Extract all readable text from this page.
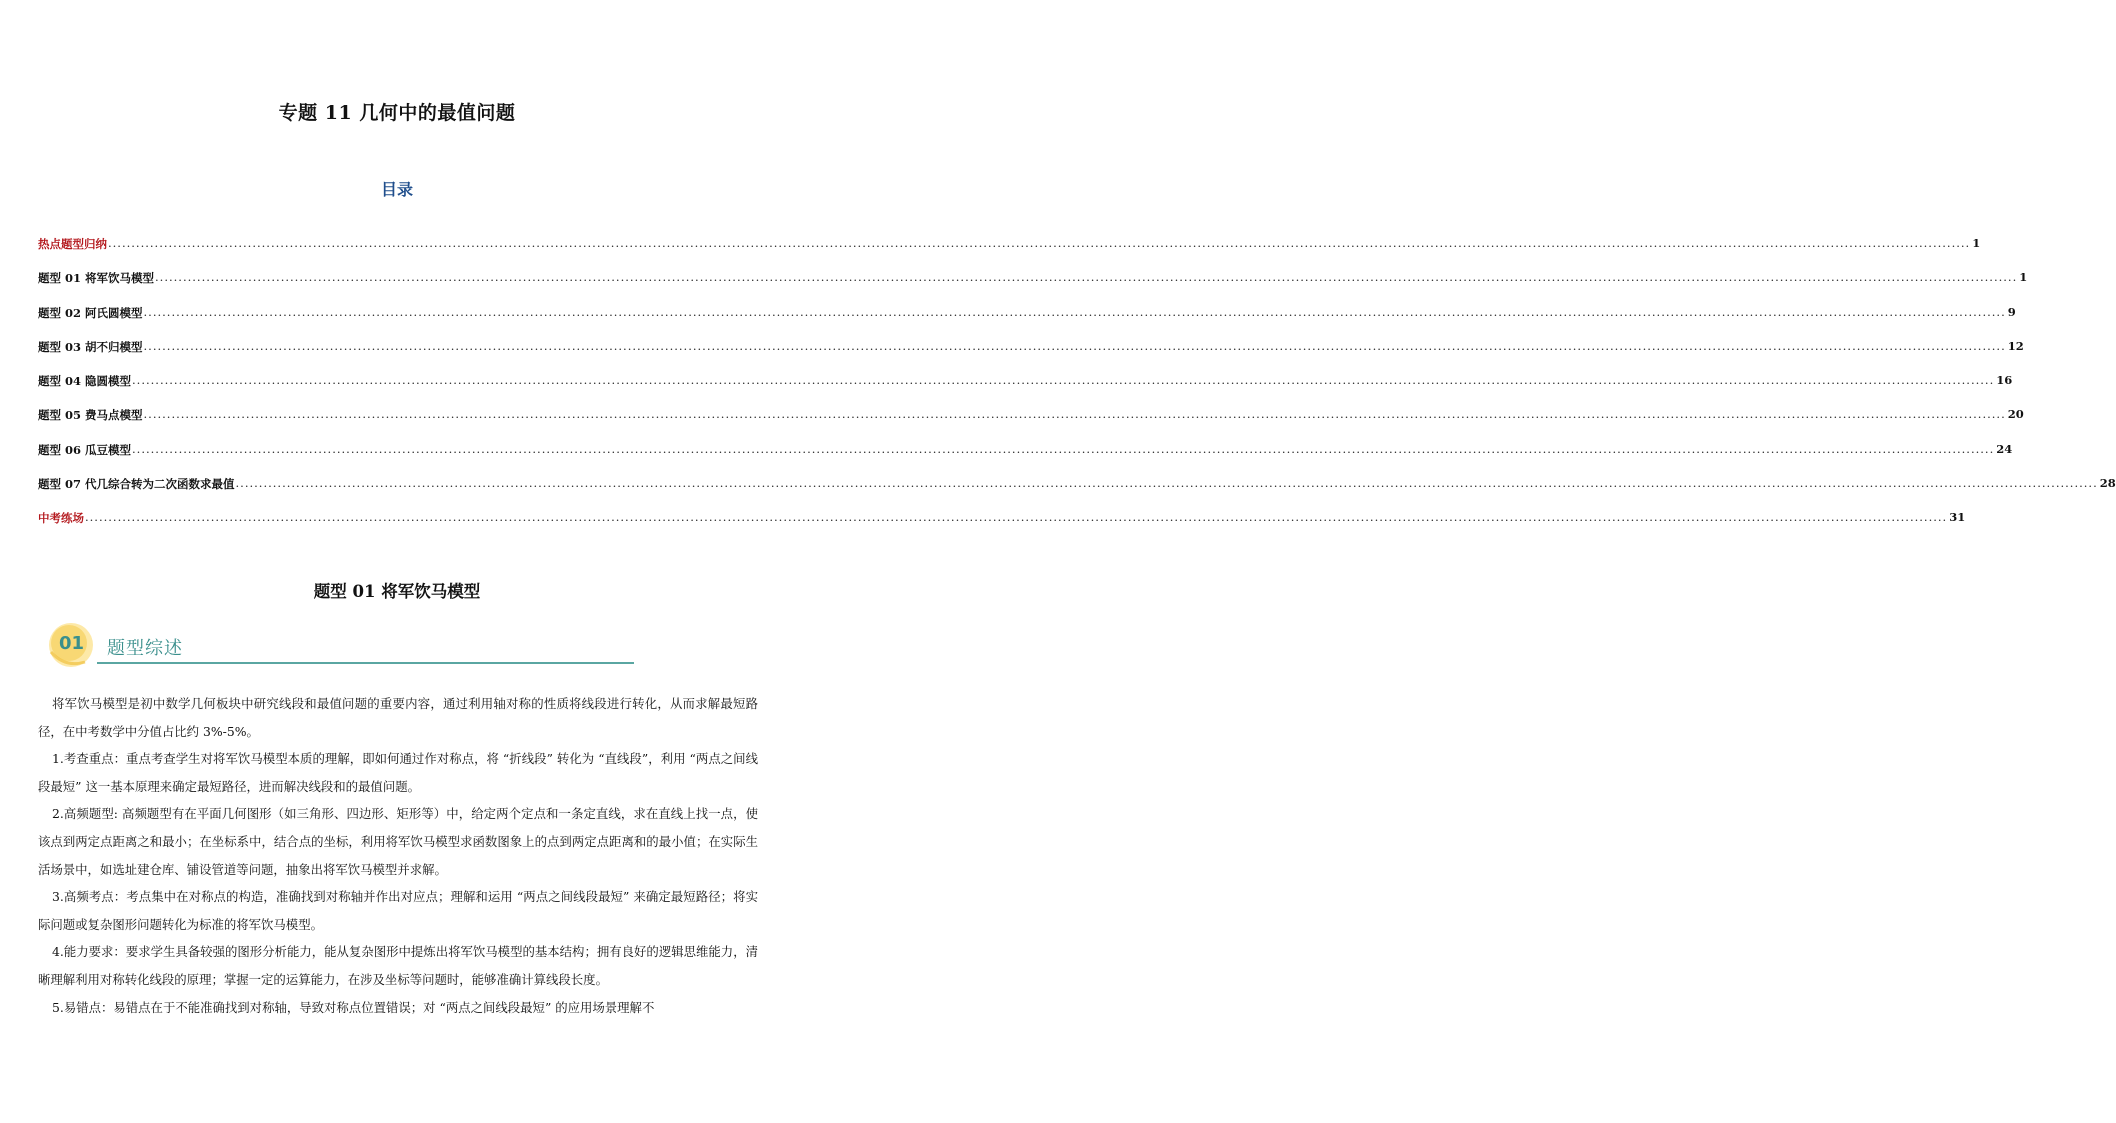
专题 11 几何中的最值问题
目录
热点题型归纳 ................................................................................................................................................................................................................................................................................................................................................................................................................ 1
题型 01 将军饮马模型 ................................................................................................................................................................................................................................................................................................................................................................................................................ 1
题型 02 阿氏圆模型 ................................................................................................................................................................................................................................................................................................................................................................................................................ 9
题型 03 胡不归模型 ................................................................................................................................................................................................................................................................................................................................................................................................................ 12
题型 04 隐圆模型 ................................................................................................................................................................................................................................................................................................................................................................................................................ 16
题型 05 费马点模型 ................................................................................................................................................................................................................................................................................................................................................................................................................ 20
题型 06 瓜豆模型 ................................................................................................................................................................................................................................................................................................................................................................................................................ 24
题型 07 代几综合转为二次函数求最值 ................................................................................................................................................................................................................................................................................................................................................................................................................ 28
中考练场 ................................................................................................................................................................................................................................................................................................................................................................................................................ 31
题型 01 将军饮马模型
01 题型综述

将军饮马模型是初中数学几何板块中研究线段和最值问题的重要内容，通过利用轴对称的性质将线段进行转化，从而求解最短路径，在中考数学中分值占比约 3%-5%。

1.考查重点：重点考查学生对将军饮马模型本质的理解，即如何通过作对称点，将 “折线段” 转化为 “直线段”，利用 “两点之间线段最短” 这一基本原理来确定最短路径，进而解决线段和的最值问题。

2.高频题型: 高频题型有在平面几何图形（如三角形、四边形、矩形等）中，给定两个定点和一条定直线，求在直线上找一点，使该点到两定点距离之和最小；在坐标系中，结合点的坐标，利用将军饮马模型求函数图象上的点到两定点距离和的最小值；在实际生活场景中，如选址建仓库、铺设管道等问题，抽象出将军饮马模型并求解。

3.高频考点：考点集中在对称点的构造，准确找到对称轴并作出对应点；理解和运用 “两点之间线段最短” 来确定最短路径；将实际问题或复杂图形问题转化为标准的将军饮马模型。

4.能力要求：要求学生具备较强的图形分析能力，能从复杂图形中提炼出将军饮马模型的基本结构；拥有良好的逻辑思维能力，清晰理解利用对称转化线段的原理；掌握一定的运算能力，在涉及坐标等问题时，能够准确计算线段长度。

5.易错点：易错点在于不能准确找到对称轴，导致对称点位置错误；对 “两点之间线段最短” 的应用场景理解不
